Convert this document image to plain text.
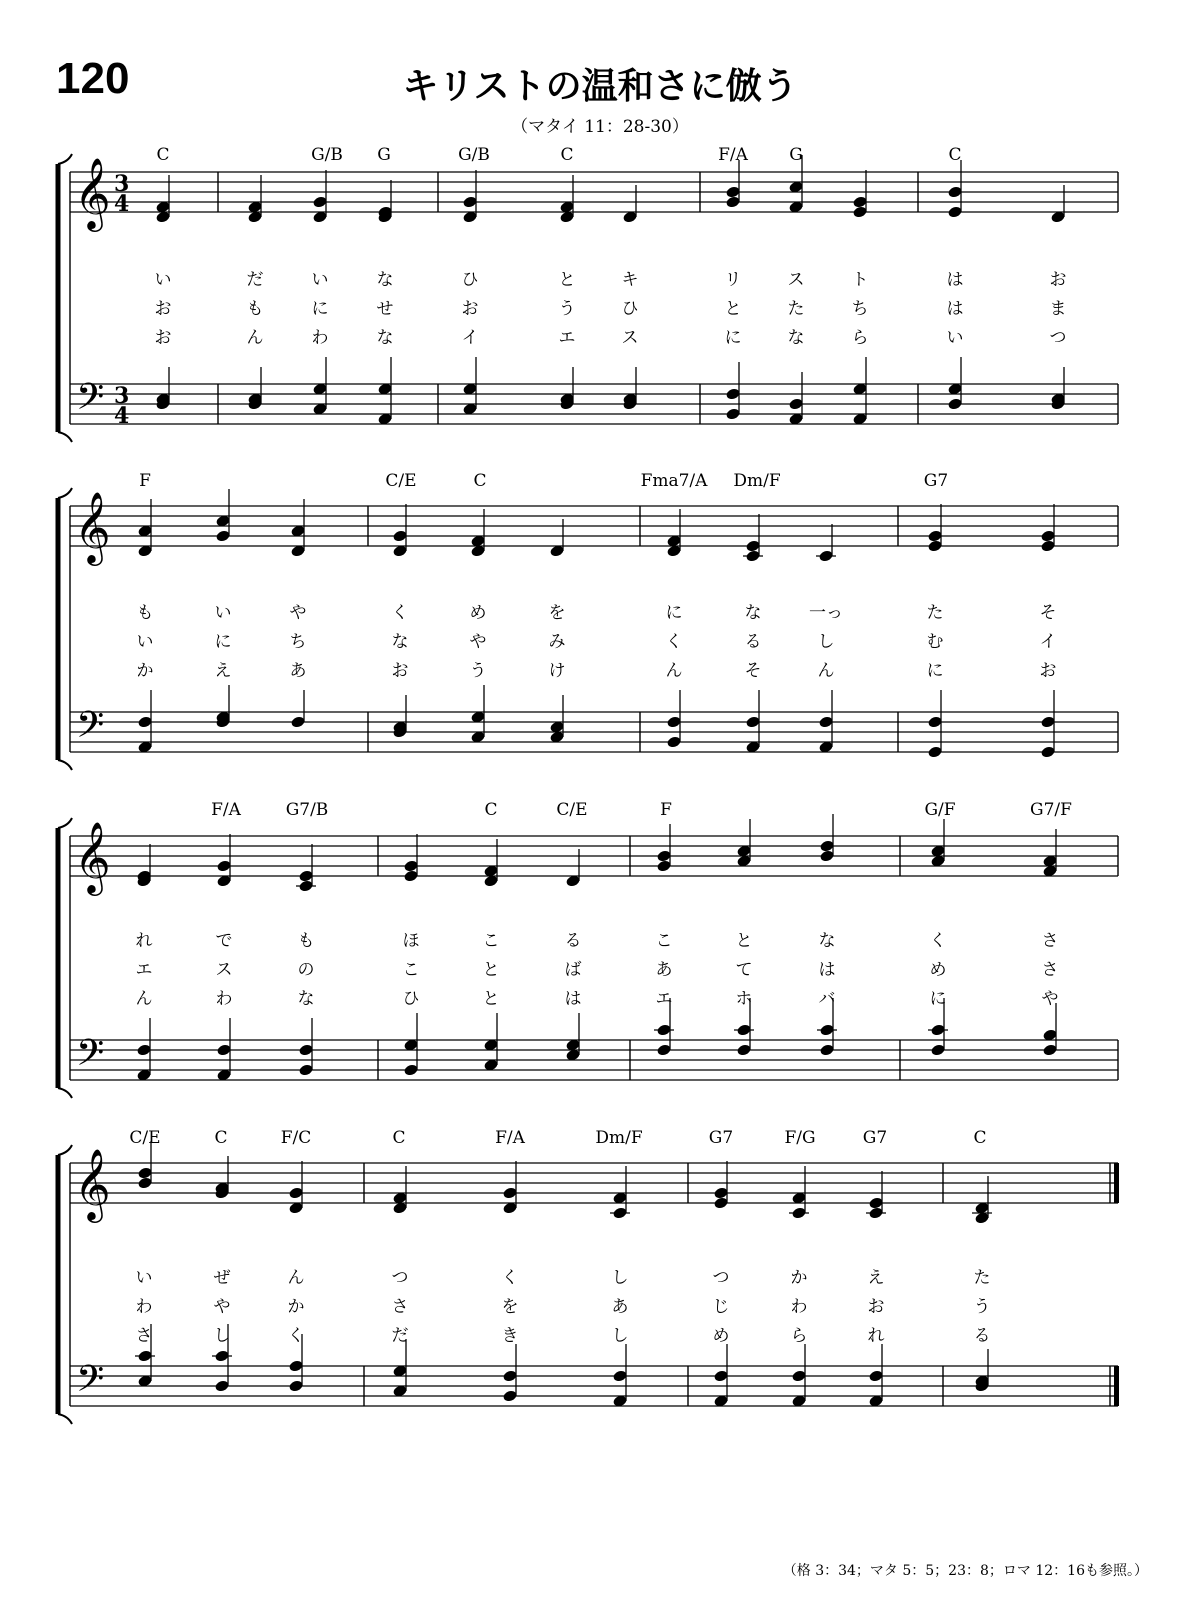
120	キリストの温和さに倣う
（マタイ 11：28-30）
𝄞 3
4
𝄢 3
4
C	G/B G	G/B	C	F/A G	C
い	だ	い	な	ひ	と	キ	リ	ス	ト	は	お
お	も	に	せ	お	う	ひ	と	た	ち	は	ま
お	ん	わ	な	イ	エ	ス	に	な	ら	い	つ
𝄞
𝄢
F	C/E	C	Fma7/A Dm/F	G7
も	い	や	く	め	を	に	な	一っ	た	そ
い	に	ち	な	や	み	く	る	し	む	イ
か	え	あ	お	う	け	ん	そ	ん	に	お
𝄞
𝄢
F/A	G7/B	C	C/E	F	G/F	G7/F
れ	で	も	ほ	こ	る	こ	と	な	く	さ
エ	ス	の	こ	と	ば	あ	て	は	め	さ
ん	わ	な	ひ	と	は	エ	ホ	バ	に	や
𝄞
𝄢
C/E	C	F/C	C	F/A	Dm/F	G7	F/G	G7	C
い	ぜ	ん	つ	く	し	つ	か	え	た
わ	や	か	さ	を	あ	じ	わ	お	う
さ	し	く	だ	き	し	め	ら	れ	る
（格 3：34；マタ 5：5；23：8；ロマ 12：16も参照。）
